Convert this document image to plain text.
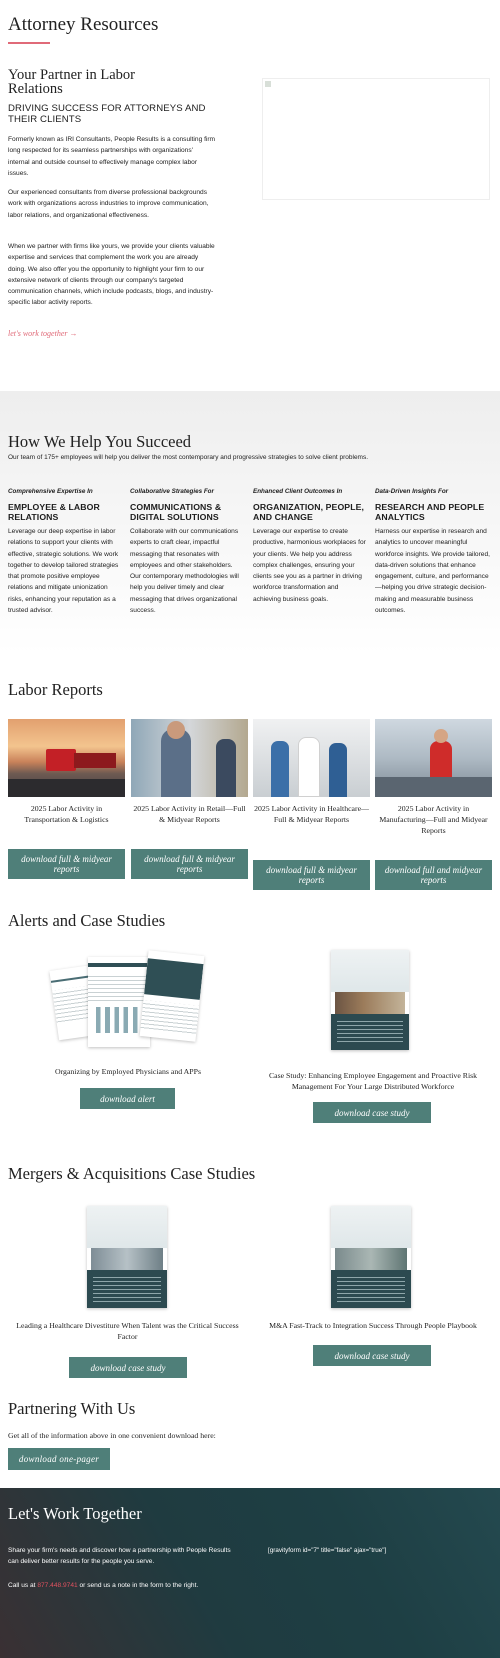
Attorney Resources
Your Partner in Labor Relations
DRIVING SUCCESS FOR ATTORNEYS AND THEIR CLIENTS
Formerly known as IRI Consultants, People Results is a consulting firm long respected for its seamless partnerships with organizations' internal and outside counsel to effectively manage complex labor issues.
Our experienced consultants from diverse professional backgrounds work with organizations across industries to improve communication, labor relations, and organizational effectiveness.
When we partner with firms like yours, we provide your clients valuable expertise and services that complement the work you are already doing. We also offer you the opportunity to highlight your firm to our extensive network of clients through our company's targeted communication channels, which include podcasts, blogs, and industry-specific labor activity reports.
let's work together →
How We Help You Succeed
Our team of 175+ employees will help you deliver the most contemporary and progressive strategies to solve client problems.
Comprehensive Expertise In
EMPLOYEE & LABOR RELATIONS
Leverage our deep expertise in labor relations to support your clients with effective, strategic solutions. We work together to develop tailored strategies that promote positive employee relations and mitigate unionization risks, enhancing your reputation as a trusted advisor.
Collaborative Strategies For
COMMUNICATIONS & DIGITAL SOLUTIONS
Collaborate with our communications experts to craft clear, impactful messaging that resonates with employees and other stakeholders. Our contemporary methodologies will help you deliver timely and clear messaging that drives organizational success.
Enhanced Client Outcomes In
ORGANIZATION, PEOPLE, AND CHANGE
Leverage our expertise to create productive, harmonious workplaces for your clients. We help you address complex challenges, ensuring your clients see you as a partner in driving workforce transformation and achieving business goals.
Data-Driven Insights For
RESEARCH AND PEOPLE ANALYTICS
Harness our expertise in research and analytics to uncover meaningful workforce insights. We provide tailored, data-driven solutions that enhance engagement, culture, and performance—helping you drive strategic decision-making and measurable business outcomes.
Labor Reports
2025 Labor Activity in Transportation & Logistics
2025 Labor Activity in Retail—Full & Midyear Reports
2025 Labor Activity in Healthcare—Full & Midyear Reports
2025 Labor Activity in Manufacturing—Full and Midyear Reports
download full & midyear reports
download full & midyear reports	download full & midyear reports
download full and midyear reports
Alerts and Case Studies
Organizing by Employed Physicians and APPs	Case Study: Enhancing Employee Engagement and Proactive Risk Management For Your Large Distributed Workforce
download alert
download case study
Mergers & Acquisitions Case Studies
Leading a Healthcare Divestiture When Talent was the Critical Success Factor
M&A Fast-Track to Integration Success Through People Playbook
download case study
download case study
Partnering With Us
Get all of the information above in one convenient download here:
download one-pager
Let's Work Together
Share your firm's needs and discover how a partnership with People Results can deliver better results for the people you serve.
Call us at 877.448.9741 or send us a note in the form to the right.
[gravityform id="7" title="false" ajax="true"]
